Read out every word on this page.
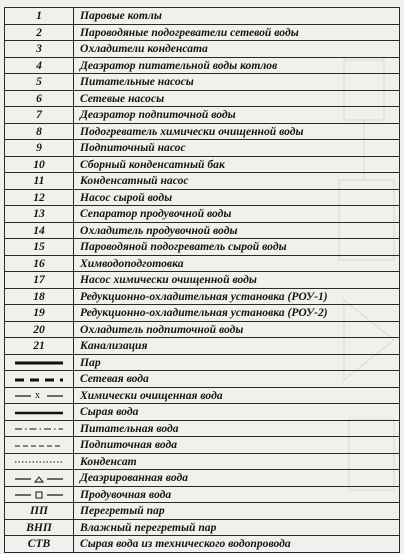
1	Паровые котлы
2	Пароводяные подогреватели сетевой воды
3	Охладители конденсата
4	Деаэратор питательной воды котлов
5	Питательные насосы
6	Сетевые насосы
7	Деаэратор подпиточной воды
8	Подогреватель химически очищенной воды
9	Подпиточный насос
10	Сборный конденсатный бак
11	Конденсатный насос
12	Насос сырой воды
13	Сепаратор продувочной воды
14	Охладитель продувочной воды
15	Пароводяной подогреватель сырой воды
16	Химводоподготовка
17	Насос химически очищенной воды
18	Редукционно-охладительная установка (РОУ-1)
19	Редукционно-охладительная установка (РОУ-2)
20	Охладитель подпиточной воды
21	Канализация
	Пар
	Сетевая вода

x	Химически очищенная вода
	Сырая вода
	Питательная вода
	Подпиточная вода
	Конденсат
	Деаэрированная вода
	Продувочная вода
ПП	Перегретый пар
ВНП	Влажный перегретый пар
СТВ	Сырая вода из технического водопровода
